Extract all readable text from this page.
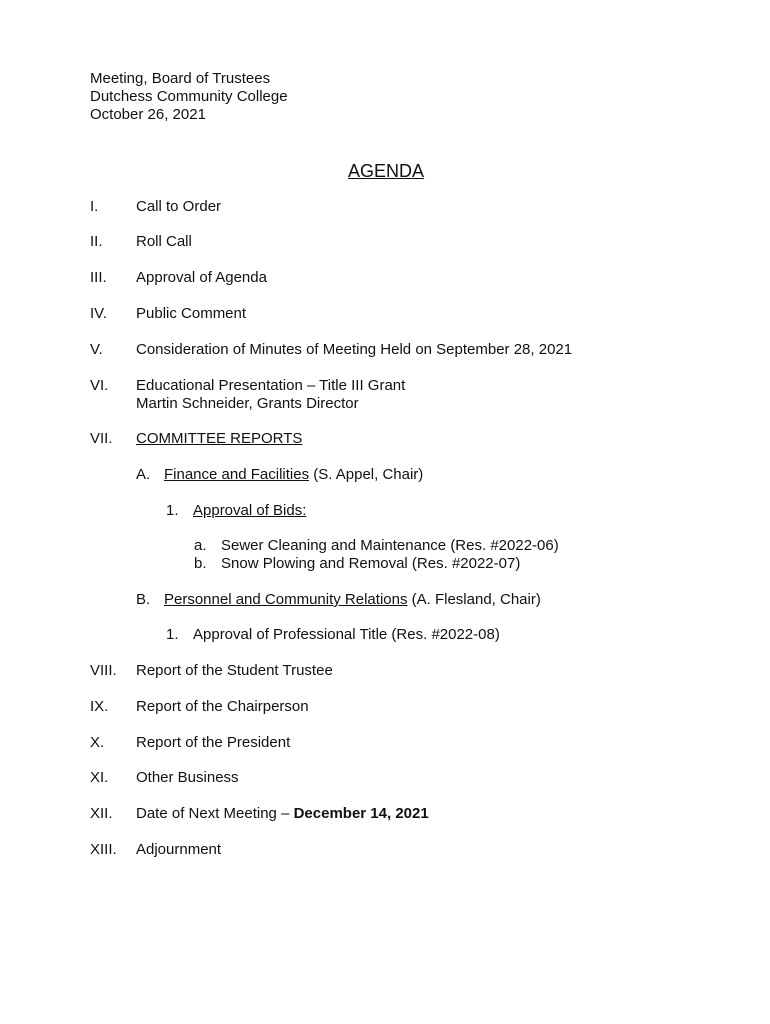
Meeting, Board of Trustees
Dutchess Community College
October 26, 2021
AGENDA
I.	Call to Order
II. Roll Call
III. Approval of Agenda
IV. Public Comment
V. Consideration of Minutes of Meeting Held on September 28, 2021
VI. Educational Presentation – Title III Grant
Martin Schneider, Grants Director
VII. COMMITTEE REPORTS
A. Finance and Facilities (S. Appel, Chair)
1. Approval of Bids:
a. Sewer Cleaning and Maintenance (Res. #2022-06)
b. Snow Plowing and Removal (Res. #2022-07)
B. Personnel and Community Relations (A. Flesland, Chair)
1. Approval of Professional Title (Res. #2022-08)
VIII. Report of the Student Trustee
IX. Report of the Chairperson
X. Report of the President
XI. Other Business
XII. Date of Next Meeting – December 14, 2021
XIII. Adjournment
